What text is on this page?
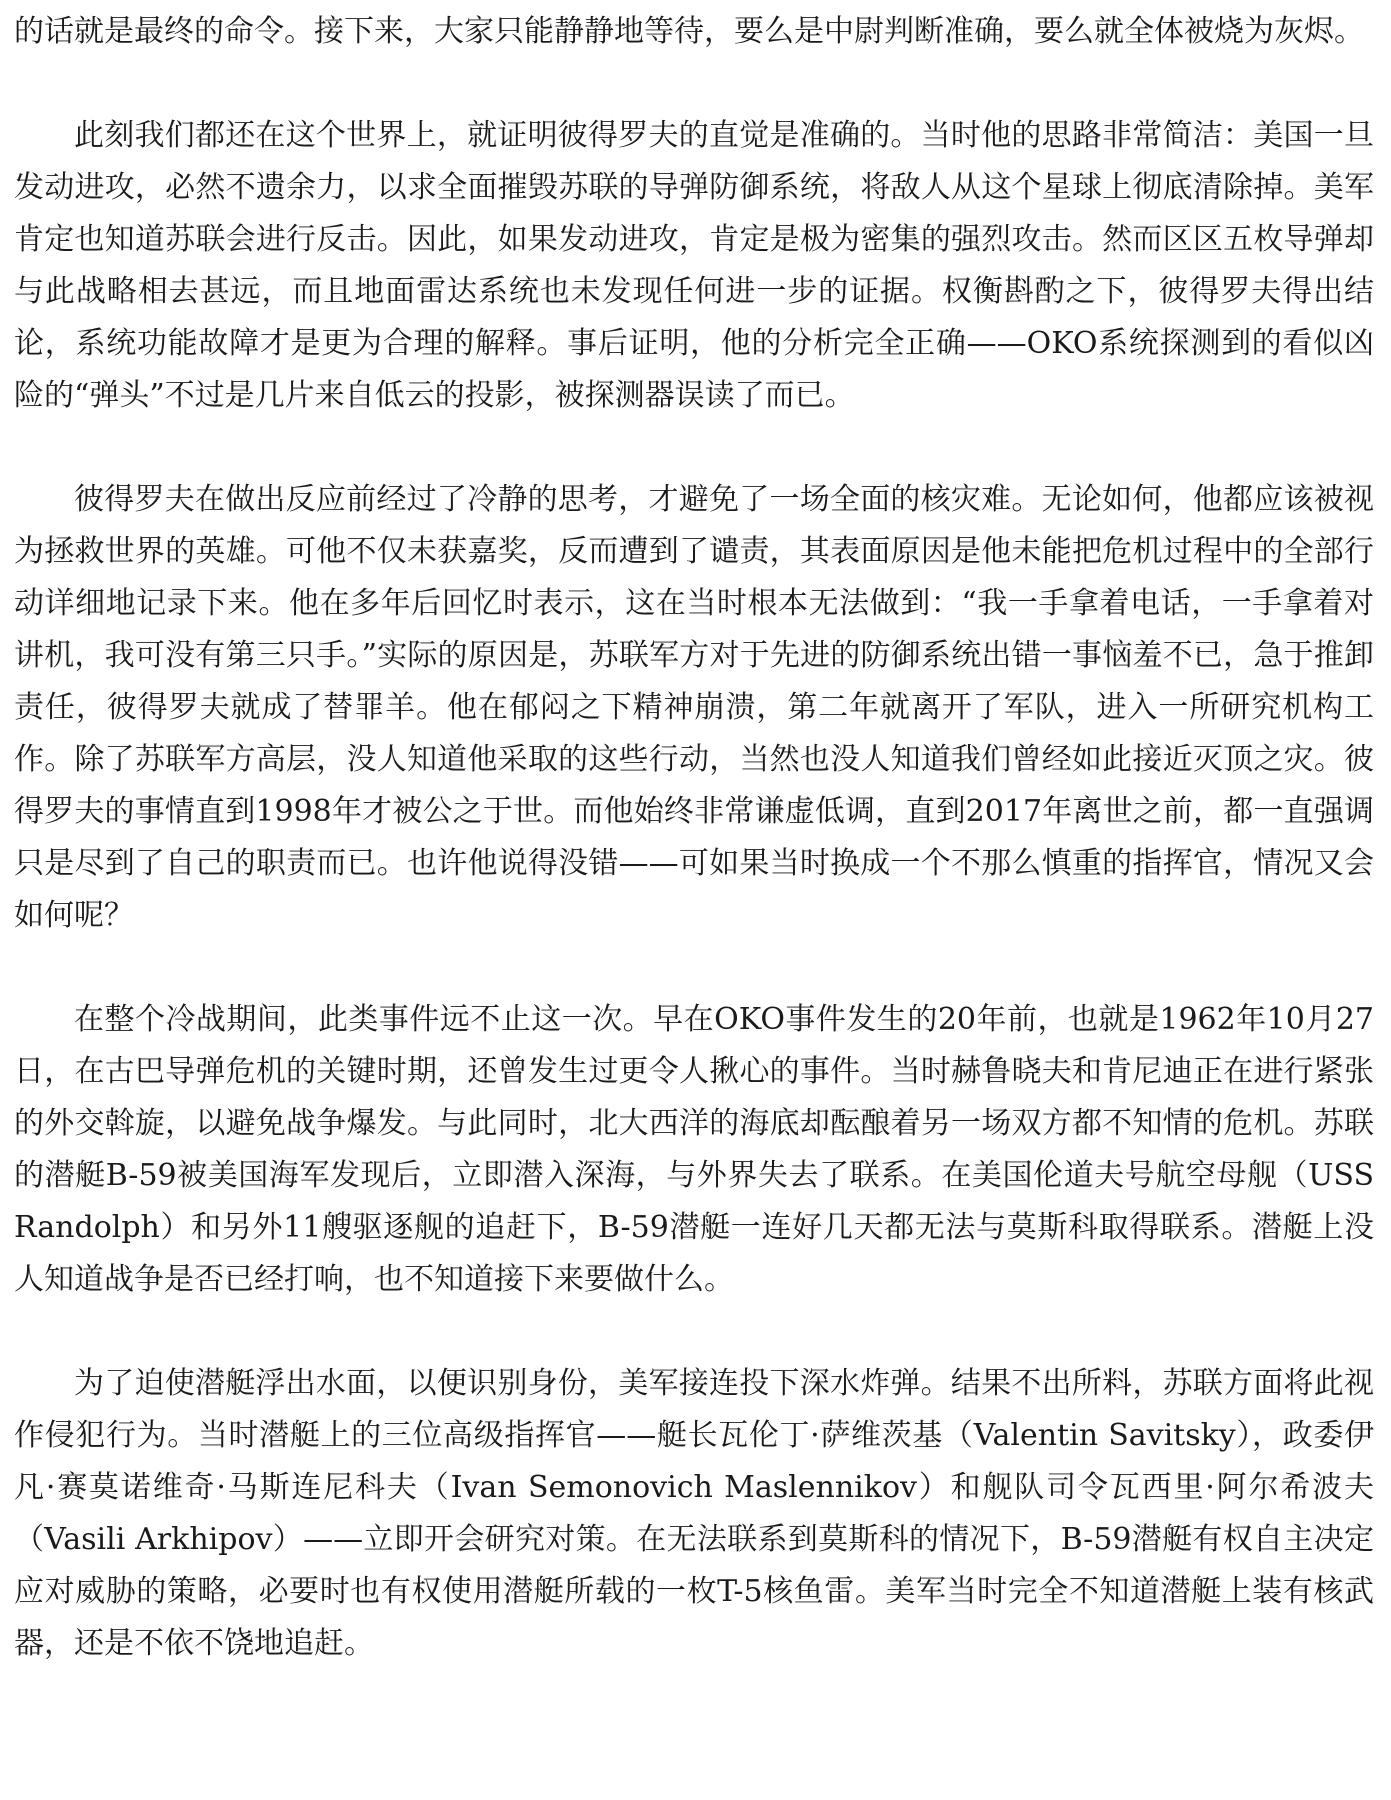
的话就是最终的命令。接下来，大家只能静静地等待，要么是中尉判断准确，要么就全体被烧为灰烬。

此刻我们都还在这个世界上，就证明彼得罗夫的直觉是准确的。当时他的思路非常简洁：美国一旦发动进攻，必然不遗余力，以求全面摧毁苏联的导弹防御系统，将敌人从这个星球上彻底清除掉。美军肯定也知道苏联会进行反击。因此，如果发动进攻，肯定是极为密集的强烈攻击。然而区区五枚导弹却与此战略相去甚远，而且地面雷达系统也未发现任何进一步的证据。权衡斟酌之下，彼得罗夫得出结论，系统功能故障才是更为合理的解释。事后证明，他的分析完全正确——OKO系统探测到的看似凶险的“弹头”不过是几片来自低云的投影，被探测器误读了而已。

彼得罗夫在做出反应前经过了冷静的思考，才避免了一场全面的核灾难。无论如何，他都应该被视为拯救世界的英雄。可他不仅未获嘉奖，反而遭到了谴责，其表面原因是他未能把危机过程中的全部行动详细地记录下来。他在多年后回忆时表示，这在当时根本无法做到：“我一手拿着电话，一手拿着对讲机，我可没有第三只手。”实际的原因是，苏联军方对于先进的防御系统出错一事恼羞不已，急于推卸责任，彼得罗夫就成了替罪羊。他在郁闷之下精神崩溃，第二年就离开了军队，进入一所研究机构工作。除了苏联军方高层，没人知道他采取的这些行动，当然也没人知道我们曾经如此接近灭顶之灾。彼得罗夫的事情直到1998年才被公之于世。而他始终非常谦虚低调，直到2017年离世之前，都一直强调只是尽到了自己的职责而已。也许他说得没错——可如果当时换成一个不那么慎重的指挥官，情况又会如何呢？

在整个冷战期间，此类事件远不止这一次。早在OKO事件发生的20年前，也就是1962年10月27日，在古巴导弹危机的关键时期，还曾发生过更令人揪心的事件。当时赫鲁晓夫和肯尼迪正在进行紧张的外交斡旋，以避免战争爆发。与此同时，北大西洋的海底却酝酿着另一场双方都不知情的危机。苏联的潜艇B-59被美国海军发现后，立即潜入深海，与外界失去了联系。在美国伦道夫号航空母舰（USS Randolph）和另外11艘驱逐舰的追赶下，B-59潜艇一连好几天都无法与莫斯科取得联系。潜艇上没人知道战争是否已经打响，也不知道接下来要做什么。

为了迫使潜艇浮出水面，以便识别身份，美军接连投下深水炸弹。结果不出所料，苏联方面将此视作侵犯行为。当时潜艇上的三位高级指挥官——艇长瓦伦丁·萨维茨基（Valentin Savitsky），政委伊凡·赛莫诺维奇·马斯连尼科夫（Ivan Semonovich Maslennikov）和舰队司令瓦西里·阿尔希波夫（Vasili Arkhipov）——立即开会研究对策。在无法联系到莫斯科的情况下，B-59潜艇有权自主决定应对威胁的策略，必要时也有权使用潜艇所载的一枚T-5核鱼雷。美军当时完全不知道潜艇上装有核武器，还是不依不饶地追赶。
